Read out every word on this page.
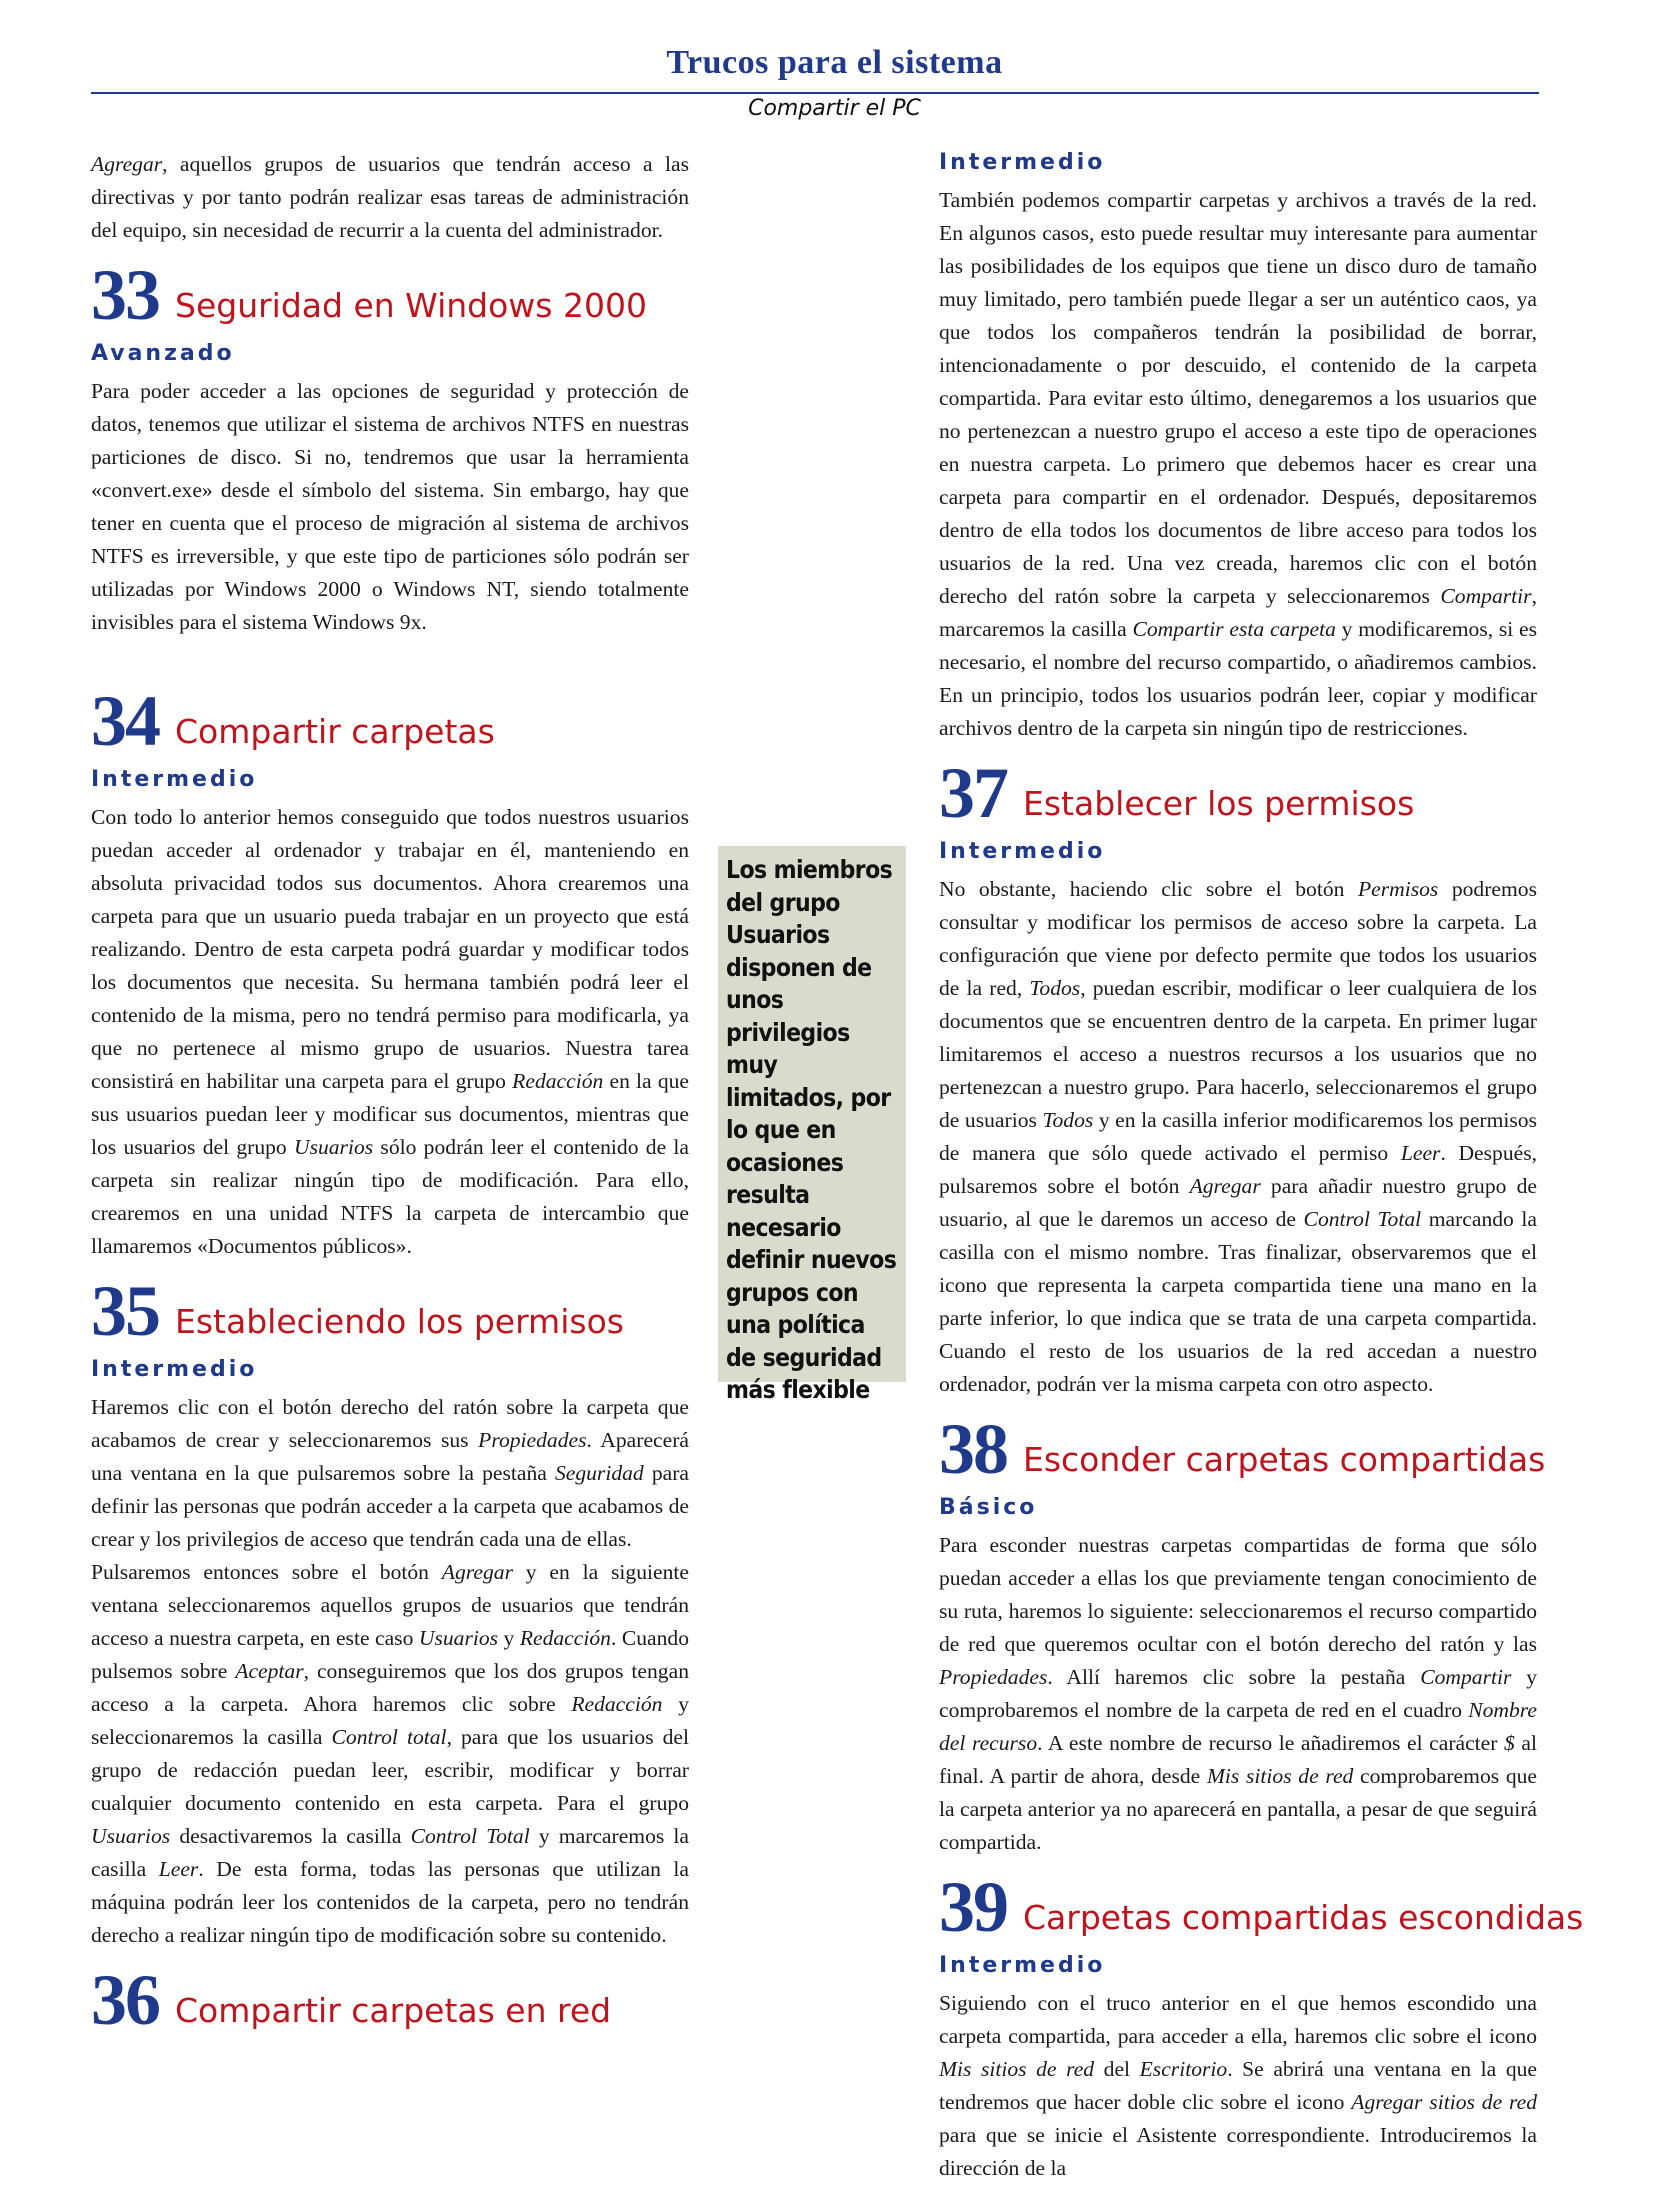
Trucos para el sistema
Compartir el PC

Agregar, aquellos grupos de usuarios que tendrán acceso a las directivas y por tanto podrán realizar esas tareas de administración del equipo, sin necesidad de recurrir a la cuenta del administrador.

33 Seguridad en Windows 2000
Avanzado

Para poder acceder a las opciones de seguridad y protección de datos, tenemos que utilizar el sistema de archivos NTFS en nuestras particiones de disco. Si no, tendremos que usar la herramienta «convert.exe» desde el símbolo del sistema. Sin embargo, hay que tener en cuenta que el proceso de migración al sistema de archivos NTFS es irreversible, y que este tipo de particiones sólo podrán ser utilizadas por Windows 2000 o Windows NT, siendo totalmente invisibles para el sistema Windows 9x.

34 Compartir carpetas
Intermedio

Con todo lo anterior hemos conseguido que todos nuestros usuarios puedan acceder al ordenador y trabajar en él, manteniendo en absoluta privacidad todos sus documentos. Ahora crearemos una carpeta para que un usuario pueda trabajar en un proyecto que está realizando. Dentro de esta carpeta podrá guardar y modificar todos los documentos que necesita. Su hermana también podrá leer el contenido de la misma, pero no tendrá permiso para modificarla, ya que no pertenece al mismo grupo de usuarios. Nuestra tarea consistirá en habilitar una carpeta para el grupo Redacción en la que sus usuarios puedan leer y modificar sus documentos, mientras que los usuarios del grupo Usuarios sólo podrán leer el contenido de la carpeta sin realizar ningún tipo de modificación. Para ello, crearemos en una unidad NTFS la carpeta de intercambio que llamaremos «Documentos públicos».

35 Estableciendo los permisos
Intermedio

Haremos clic con el botón derecho del ratón sobre la carpeta que acabamos de crear y seleccionaremos sus Propiedades. Aparecerá una ventana en la que pulsaremos sobre la pestaña Seguridad para definir las personas que podrán acceder a la carpeta que acabamos de crear y los privilegios de acceso que tendrán cada una de ellas.

Pulsaremos entonces sobre el botón Agregar y en la siguiente ventana seleccionaremos aquellos grupos de usuarios que tendrán acceso a nuestra carpeta, en este caso Usuarios y Redacción. Cuando pulsemos sobre Aceptar, conseguiremos que los dos grupos tengan acceso a la carpeta. Ahora haremos clic sobre Redacción y seleccionaremos la casilla Control total, para que los usuarios del grupo de redacción puedan leer, escribir, modificar y borrar cualquier documento contenido en esta carpeta. Para el grupo Usuarios desactivaremos la casilla Control Total y marcaremos la casilla Leer. De esta forma, todas las personas que utilizan la máquina podrán leer los contenidos de la carpeta, pero no tendrán derecho a realizar ningún tipo de modificación sobre su contenido.

36 Compartir carpetas en red
Los miembros del grupo Usuarios disponen de unos privilegios muy limitados, por lo que en ocasiones resulta necesario definir nuevos grupos con una política de seguridad más flexible
Intermedio

También podemos compartir carpetas y archivos a través de la red. En algunos casos, esto puede resultar muy interesante para aumentar las posibilidades de los equipos que tiene un disco duro de tamaño muy limitado, pero también puede llegar a ser un auténtico caos, ya que todos los compañeros tendrán la posibilidad de borrar, intencionadamente o por descuido, el contenido de la carpeta compartida. Para evitar esto último, denegaremos a los usuarios que no pertenezcan a nuestro grupo el acceso a este tipo de operaciones en nuestra carpeta. Lo primero que debemos hacer es crear una carpeta para compartir en el ordenador. Después, depositaremos dentro de ella todos los documentos de libre acceso para todos los usuarios de la red. Una vez creada, haremos clic con el botón derecho del ratón sobre la carpeta y seleccionaremos Compartir, marcaremos la casilla Compartir esta carpeta y modificaremos, si es necesario, el nombre del recurso compartido, o añadiremos cambios. En un principio, todos los usuarios podrán leer, copiar y modificar archivos dentro de la carpeta sin ningún tipo de restricciones.

37 Establecer los permisos
Intermedio

No obstante, haciendo clic sobre el botón Permisos podremos consultar y modificar los permisos de acceso sobre la carpeta. La configuración que viene por defecto permite que todos los usuarios de la red, Todos, puedan escribir, modificar o leer cualquiera de los documentos que se encuentren dentro de la carpeta. En primer lugar limitaremos el acceso a nuestros recursos a los usuarios que no pertenezcan a nuestro grupo. Para hacerlo, seleccionaremos el grupo de usuarios Todos y en la casilla inferior modificaremos los permisos de manera que sólo quede activado el permiso Leer. Después, pulsaremos sobre el botón Agregar para añadir nuestro grupo de usuario, al que le daremos un acceso de Control Total marcando la casilla con el mismo nombre. Tras finalizar, observaremos que el icono que representa la carpeta compartida tiene una mano en la parte inferior, lo que indica que se trata de una carpeta compartida. Cuando el resto de los usuarios de la red accedan a nuestro ordenador, podrán ver la misma carpeta con otro aspecto.

38 Esconder carpetas compartidas
Básico

Para esconder nuestras carpetas compartidas de forma que sólo puedan acceder a ellas los que previamente tengan conocimiento de su ruta, haremos lo siguiente: seleccionaremos el recurso compartido de red que queremos ocultar con el botón derecho del ratón y las Propiedades. Allí haremos clic sobre la pestaña Compartir y comprobaremos el nombre de la carpeta de red en el cuadro Nombre del recurso. A este nombre de recurso le añadiremos el carácter $ al final. A partir de ahora, desde Mis sitios de red comprobaremos que la carpeta anterior ya no aparecerá en pantalla, a pesar de que seguirá compartida.

39 Carpetas compartidas escondidas
Intermedio

Siguiendo con el truco anterior en el que hemos escondido una carpeta compartida, para acceder a ella, haremos clic sobre el icono Mis sitios de red del Escritorio. Se abrirá una ventana en la que tendremos que hacer doble clic sobre el icono Agregar sitios de red para que se inicie el Asistente correspondiente. Introduciremos la dirección de la
